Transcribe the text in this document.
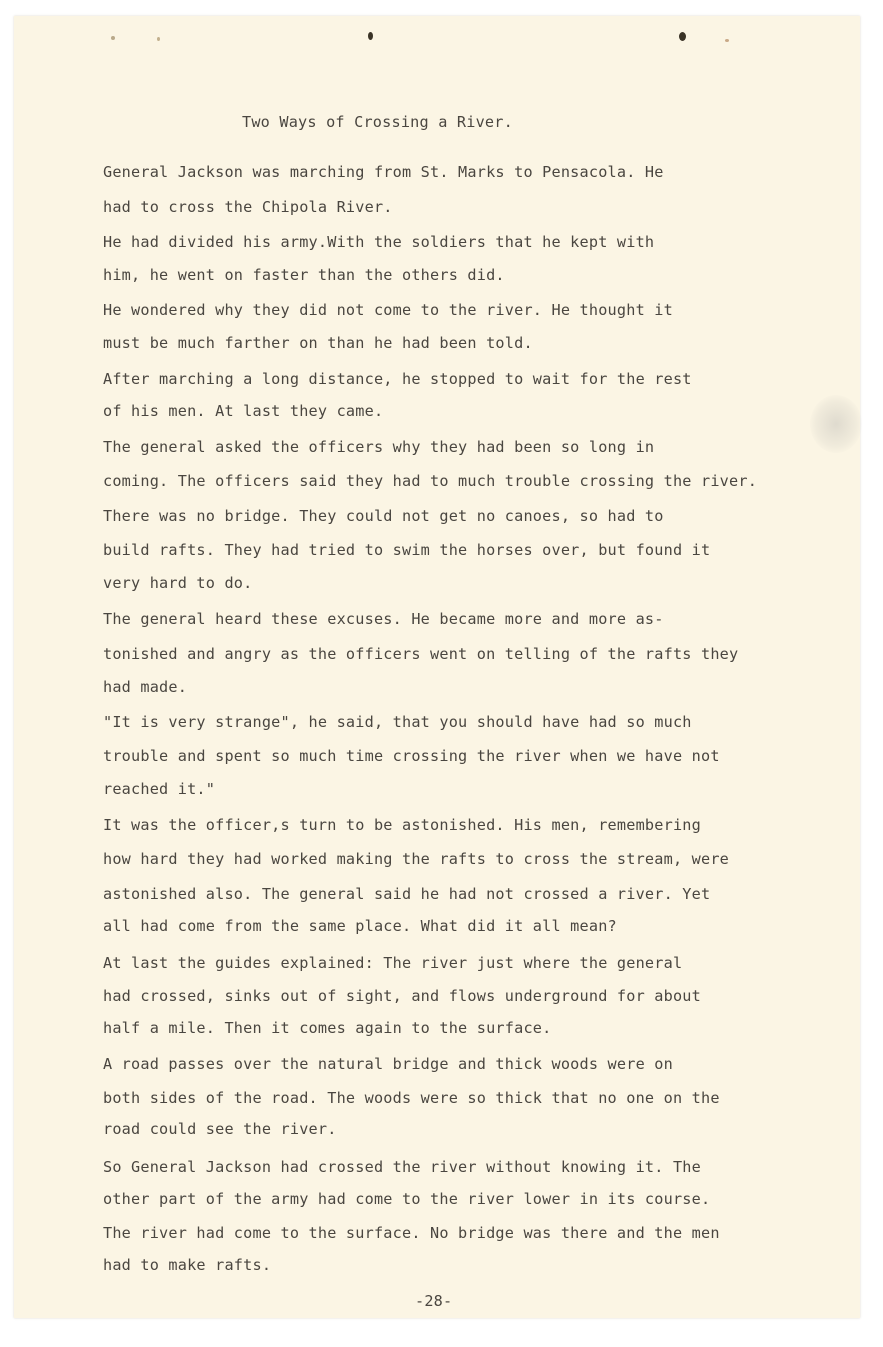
Two Ways of Crossing a River.

General Jackson was marching from St. Marks to Pensacola. He

had to cross the Chipola River.

He had divided his army.With the soldiers that he kept with

him, he went on faster than the others did.

He wondered why they did not come to the river. He thought it

must be much farther on than he had been told.

After marching a long distance, he stopped to wait for the rest

of his men. At last they came.

The general asked the officers why they had been so long in

coming. The officers said they had to much trouble crossing the river.

There was no bridge. They could not get no canoes, so had to

build rafts. They had tried to swim the horses over, but found it

very hard to do.

The general heard these excuses. He became more and more as-

tonished and angry as the officers went on telling of the rafts they

had made.

"It is very strange", he said, that you should have had so much

trouble and spent so much time crossing the river when we have not

reached it."

It was the officer,s turn to be astonished. His men, remembering

how hard they had worked making the rafts to cross the stream, were

astonished also. The general said he had not crossed a river. Yet

all had come from the same place. What did it all mean?

At last the guides explained: The river just where the general

had crossed, sinks out of sight, and flows underground for about

half a mile. Then it comes again to the surface.

A road passes over the natural bridge and thick woods were on

both sides of the road. The woods were so thick that no one on the

road could see the river.

So General Jackson had crossed the river without knowing it. The

other part of the army had come to the river lower in its course.

The river had come to the surface. No bridge was there and the men

had to make rafts.

-28-
